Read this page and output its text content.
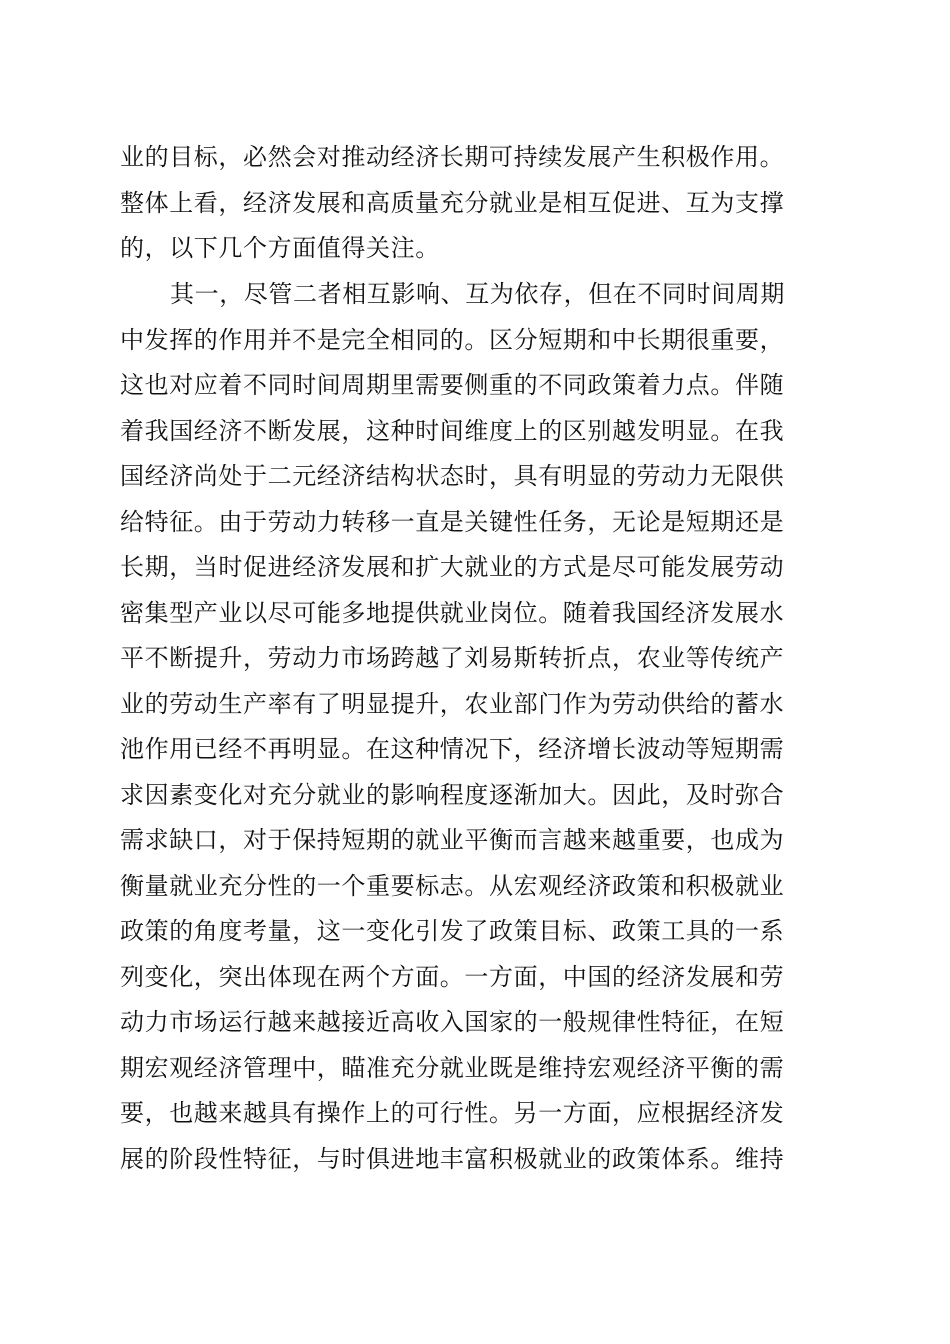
业的目标，必然会对推动经济长期可持续发展产生积极作用。
整体上看，经济发展和高质量充分就业是相互促进、互为支撑
的，以下几个方面值得关注。
其一，尽管二者相互影响、互为依存，但在不同时间周期
中发挥的作用并不是完全相同的。区分短期和中长期很重要，
这也对应着不同时间周期里需要侧重的不同政策着力点。伴随
着我国经济不断发展，这种时间维度上的区别越发明显。在我
国经济尚处于二元经济结构状态时，具有明显的劳动力无限供
给特征。由于劳动力转移一直是关键性任务，无论是短期还是
长期，当时促进经济发展和扩大就业的方式是尽可能发展劳动
密集型产业以尽可能多地提供就业岗位。随着我国经济发展水
平不断提升，劳动力市场跨越了刘易斯转折点，农业等传统产
业的劳动生产率有了明显提升，农业部门作为劳动供给的蓄水
池作用已经不再明显。在这种情况下，经济增长波动等短期需
求因素变化对充分就业的影响程度逐渐加大。因此，及时弥合
需求缺口，对于保持短期的就业平衡而言越来越重要，也成为
衡量就业充分性的一个重要标志。从宏观经济政策和积极就业
政策的角度考量，这一变化引发了政策目标、政策工具的一系
列变化，突出体现在两个方面。一方面，中国的经济发展和劳
动力市场运行越来越接近高收入国家的一般规律性特征，在短
期宏观经济管理中，瞄准充分就业既是维持宏观经济平衡的需
要，也越来越具有操作上的可行性。另一方面，应根据经济发
展的阶段性特征，与时俱进地丰富积极就业的政策体系。维持
